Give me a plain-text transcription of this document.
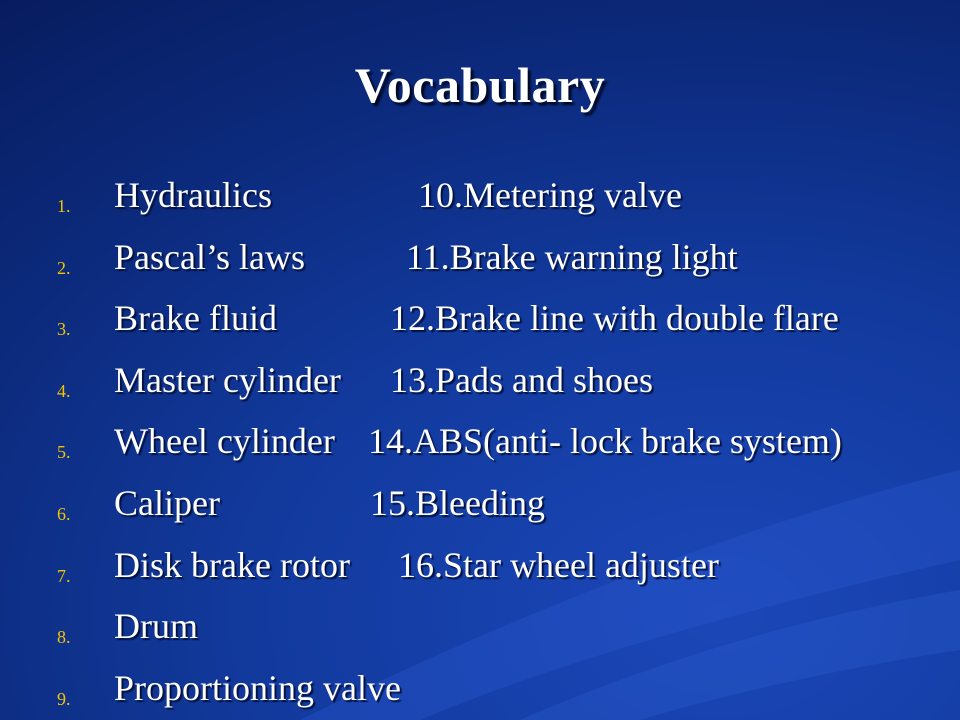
Vocabulary
1. Hydraulics	10.Metering valve
2. Pascal’s laws	11.Brake warning light
3. Brake fluid	12.Brake line with double flare
4. Master cylinder 13.Pads and shoes
5. Wheel cylinder 14.ABS(anti- lock brake system)
6. Caliper	15.Bleeding
7. Disk brake rotor 16.Star wheel adjuster
8. Drum
9. Proportioning valve
